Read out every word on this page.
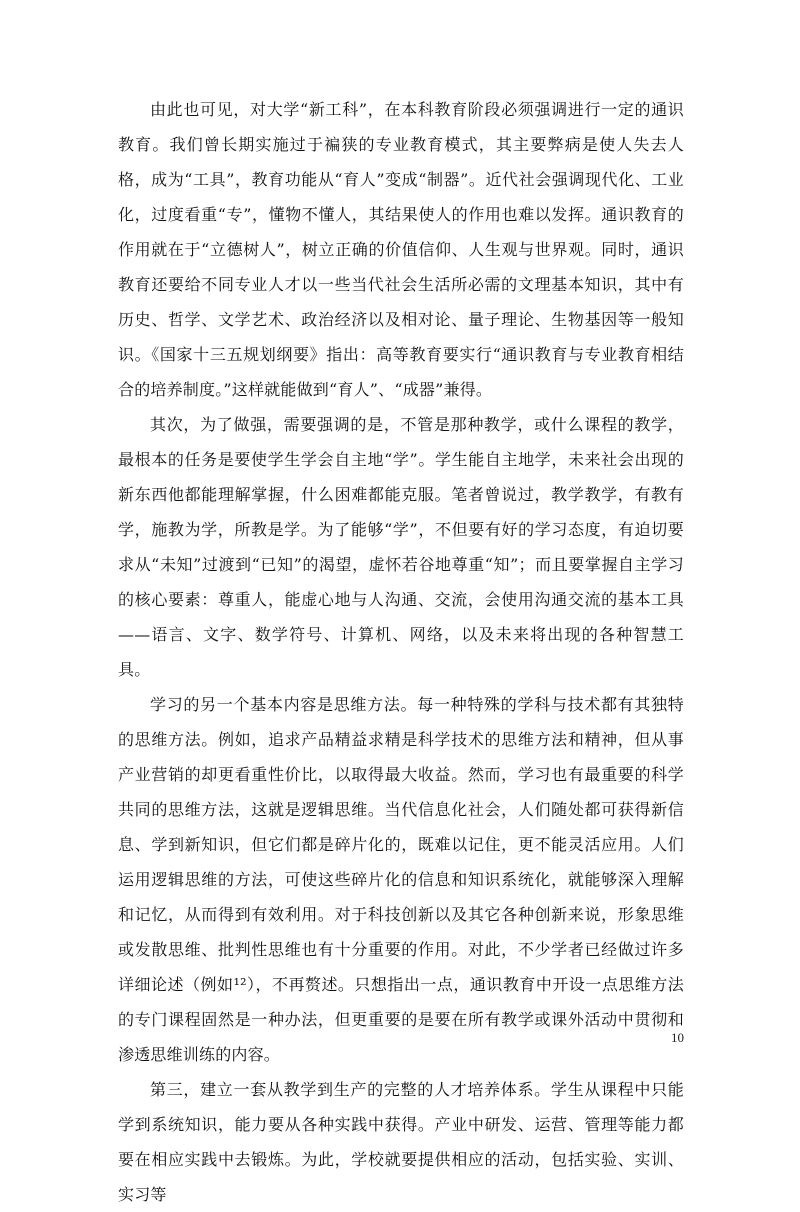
由此也可见，对大学“新工科”，在本科教育阶段必须强调进行一定的通识教育。我们曾长期实施过于褊狭的专业教育模式，其主要弊病是使人失去人格，成为“工具”，教育功能从“育人”变成“制器”。近代社会强调现代化、工业化，过度看重“专”，懂物不懂人，其结果使人的作用也难以发挥。通识教育的作用就在于“立德树人”，树立正确的价值信仰、人生观与世界观。同时，通识教育还要给不同专业人才以一些当代社会生活所必需的文理基本知识，其中有历史、哲学、文学艺术、政治经济以及相对论、量子理论、生物基因等一般知识。《国家十三五规划纲要》指出：高等教育要实行“通识教育与专业教育相结合的培养制度。”这样就能做到“育人”、“成器”兼得。

其次，为了做强，需要强调的是，不管是那种教学，或什么课程的教学，最根本的任务是要使学生学会自主地“学”。学生能自主地学，未来社会出现的新东西他都能理解掌握，什么困难都能克服。笔者曾说过，教学教学，有教有学，施教为学，所教是学。为了能够“学”，不但要有好的学习态度，有迫切要求从“未知”过渡到“已知”的渴望，虚怀若谷地尊重“知”；而且要掌握自主学习的核心要素：尊重人，能虚心地与人沟通、交流，会使用沟通交流的基本工具——语言、文字、数学符号、计算机、网络，以及未来将出现的各种智慧工具。

学习的另一个基本内容是思维方法。每一种特殊的学科与技术都有其独特的思维方法。例如，追求产品精益求精是科学技术的思维方法和精神，但从事产业营销的却更看重性价比，以取得最大收益。然而，学习也有最重要的科学共同的思维方法，这就是逻辑思维。当代信息化社会，人们随处都可获得新信息、学到新知识，但它们都是碎片化的，既难以记住，更不能灵活应用。人们运用逻辑思维的方法，可使这些碎片化的信息和知识系统化，就能够深入理解和记忆，从而得到有效利用。对于科技创新以及其它各种创新来说，形象思维或发散思维、批判性思维也有十分重要的作用。对此，不少学者已经做过许多详细论述（例如¹²），不再赘述。只想指出一点，通识教育中开设一点思维方法的专门课程固然是一种办法，但更重要的是要在所有教学或课外活动中贯彻和渗透思维训练的内容。

第三，建立一套从教学到生产的完整的人才培养体系。学生从课程中只能学到系统知识，能力要从各种实践中获得。产业中研发、运营、管理等能力都要在相应实践中去锻炼。为此，学校就要提供相应的活动，包括实验、实训、实习等

10
